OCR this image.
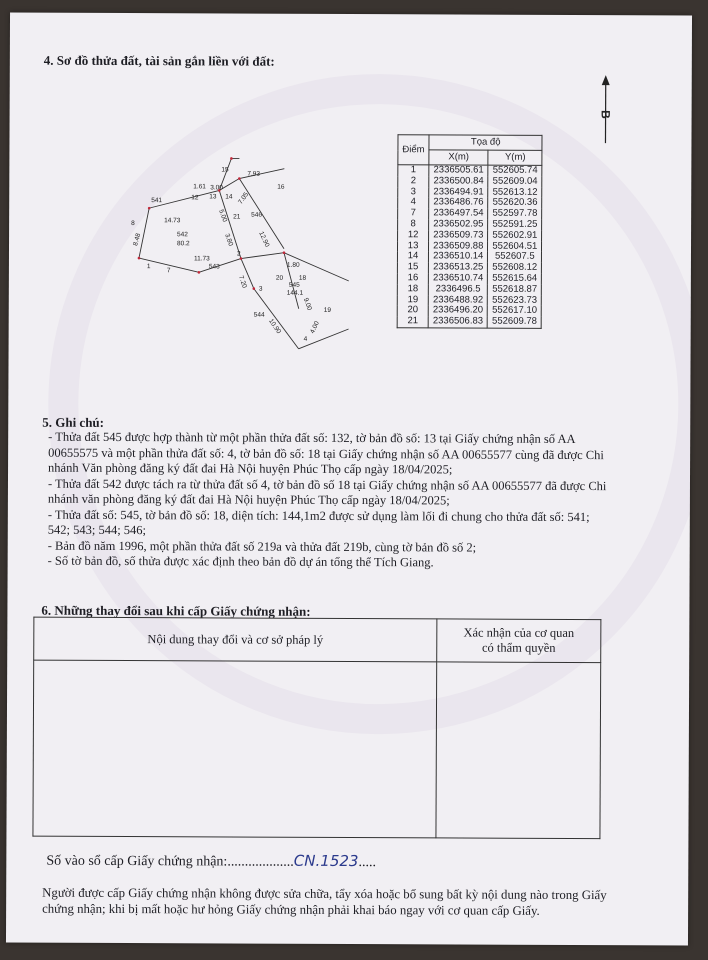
4. Sơ đồ thửa đất, tài sản gắn liền với đất:
B
541
542
80.2
543
546
545
144.1
544
1
2
3
4
7
8
12 13 14
15
16
18
19
20
21
7.93
1.61 3.00
7.05
14.73	5.00
12.90
3.80
8.48
11.73
7.20
1.80
9.00
10.90	4.00
Điểm	Tọa độ	
	X(m)	Y(m)
1	2336505.61	552605.74
2	2336500.84	552609.04
3	2336494.91	552613.12
4	2336486.76	552620.36
7	2336497.54	552597.78
8	2336502.95	552591.25
12	2336509.73	552602.91
13	2336509.88	552604.51
14	2336510.14	552607.5
15	2336513.25	552608.12
16	2336510.74	552615.64
18	2336496.5	552618.87
19	2336488.92	552623.73
20	2336496.20	552617.10
21	2336506.83	552609.78
5. Ghi chú:

- Thửa đất 545 được hợp thành từ một phần thửa đất số: 132, tờ bản đồ số: 13 tại Giấy chứng nhận số AA 00655575 và một phần thửa đất số: 4, tờ bản đồ số: 18 tại Giấy chứng nhận số AA 00655577 cùng đã được Chi nhánh Văn phòng đăng ký đất đai Hà Nội huyện Phúc Thọ cấp ngày 18/04/2025;

- Thửa đất 542 được tách ra từ thửa đất số 4, tờ bản đồ số 18 tại Giấy chứng nhận số AA 00655577 đã được Chi nhánh văn phòng đăng ký đất đai Hà Nội huyện Phúc Thọ cấp ngày 18/04/2025;

- Thửa đất số: 545, tờ bản đồ số: 18, diện tích: 144,1m2 được sử dụng làm lối đi chung cho thửa đất số: 541; 542; 543; 544; 546;

- Bản đồ năm 1996, một phần thửa đất số 219a và thửa đất 219b, cùng tờ bản đồ số 2;

- Số tờ bản đồ, số thửa được xác định theo bản đồ dự án tổng thể Tích Giang.

6. Những thay đổi sau khi cấp Giấy chứng nhận:
Nội dung thay đổi và cơ sở pháp lý	Xác nhận của cơ quan
có thẩm quyền

Số vào sổ cấp Giấy chứng nhận:...................CN.1523.....
Người được cấp Giấy chứng nhận không được sửa chữa, tẩy xóa hoặc bổ sung bất kỳ nội dung nào trong Giấy chứng nhận; khi bị mất hoặc hư hỏng Giấy chứng nhận phải khai báo ngay với cơ quan cấp Giấy.
